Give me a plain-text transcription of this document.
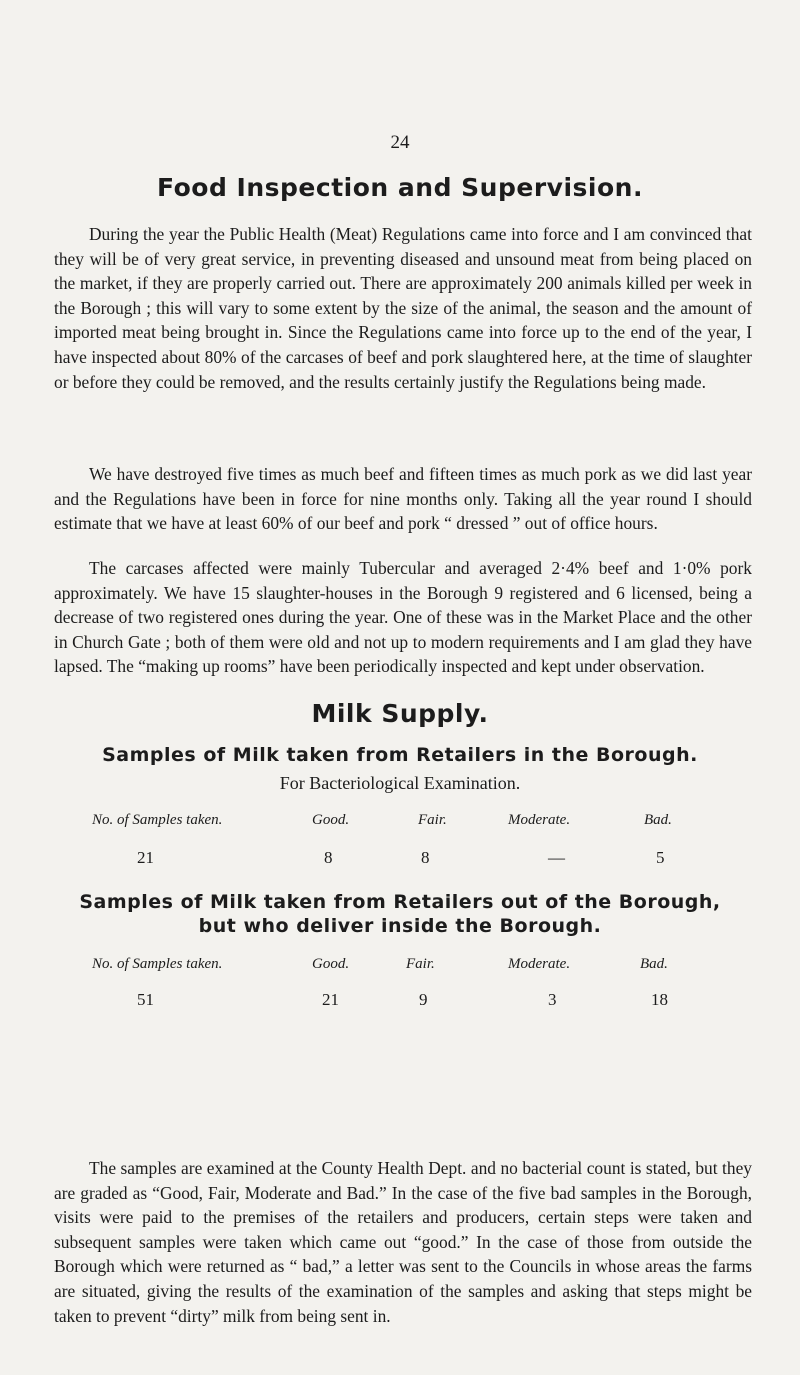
24
Food Inspection and Supervision.

During the year the Public Health (Meat) Regulations came into force and I am convinced that they will be of very great service, in preventing diseased and unsound meat from being placed on the market, if they are properly carried out. There are approximately 200 animals killed per week in the Borough ; this will vary to some extent by the size of the animal, the season and the amount of imported meat being brought in. Since the Regulations came into force up to the end of the year, I have inspected about 80% of the carcases of beef and pork slaughtered here, at the time of slaughter or before they could be removed, and the results certainly justify the Regulations being made.

We have destroyed five times as much beef and fifteen times as much pork as we did last year and the Regulations have been in force for nine months only. Taking all the year round I should estimate that we have at least 60% of our beef and pork “ dressed ” out of office hours.

The carcases affected were mainly Tubercular and averaged 2·4% beef and 1·0% pork approximately. We have 15 slaughter-houses in the Borough 9 registered and 6 licensed, being a decrease of two registered ones during the year. One of these was in the Market Place and the other in Church Gate ; both of them were old and not up to modern requirements and I am glad they have lapsed. The “making up rooms” have been periodically inspected and kept under observation.

Milk Supply.
Samples of Milk taken from Retailers in the Borough.
For Bacteriological Examination.
No. of Samples taken.	Good.	Fair.	Moderate.	Bad.
21	8	8	—	5
Samples of Milk taken from Retailers out of the Borough,
but who deliver inside the Borough.
No. of Samples taken.	Good.	Fair.	Moderate.	Bad.
51	21	9	3	18

The samples are examined at the County Health Dept. and no bacterial count is stated, but they are graded as “Good, Fair, Moderate and Bad.” In the case of the five bad samples in the Borough, visits were paid to the premises of the retailers and producers, certain steps were taken and subsequent samples were taken which came out “good.” In the case of those from outside the Borough which were returned as “ bad,” a letter was sent to the Councils in whose areas the farms are situated, giving the results of the examination of the samples and asking that steps might be taken to prevent “dirty” milk from being sent in.
